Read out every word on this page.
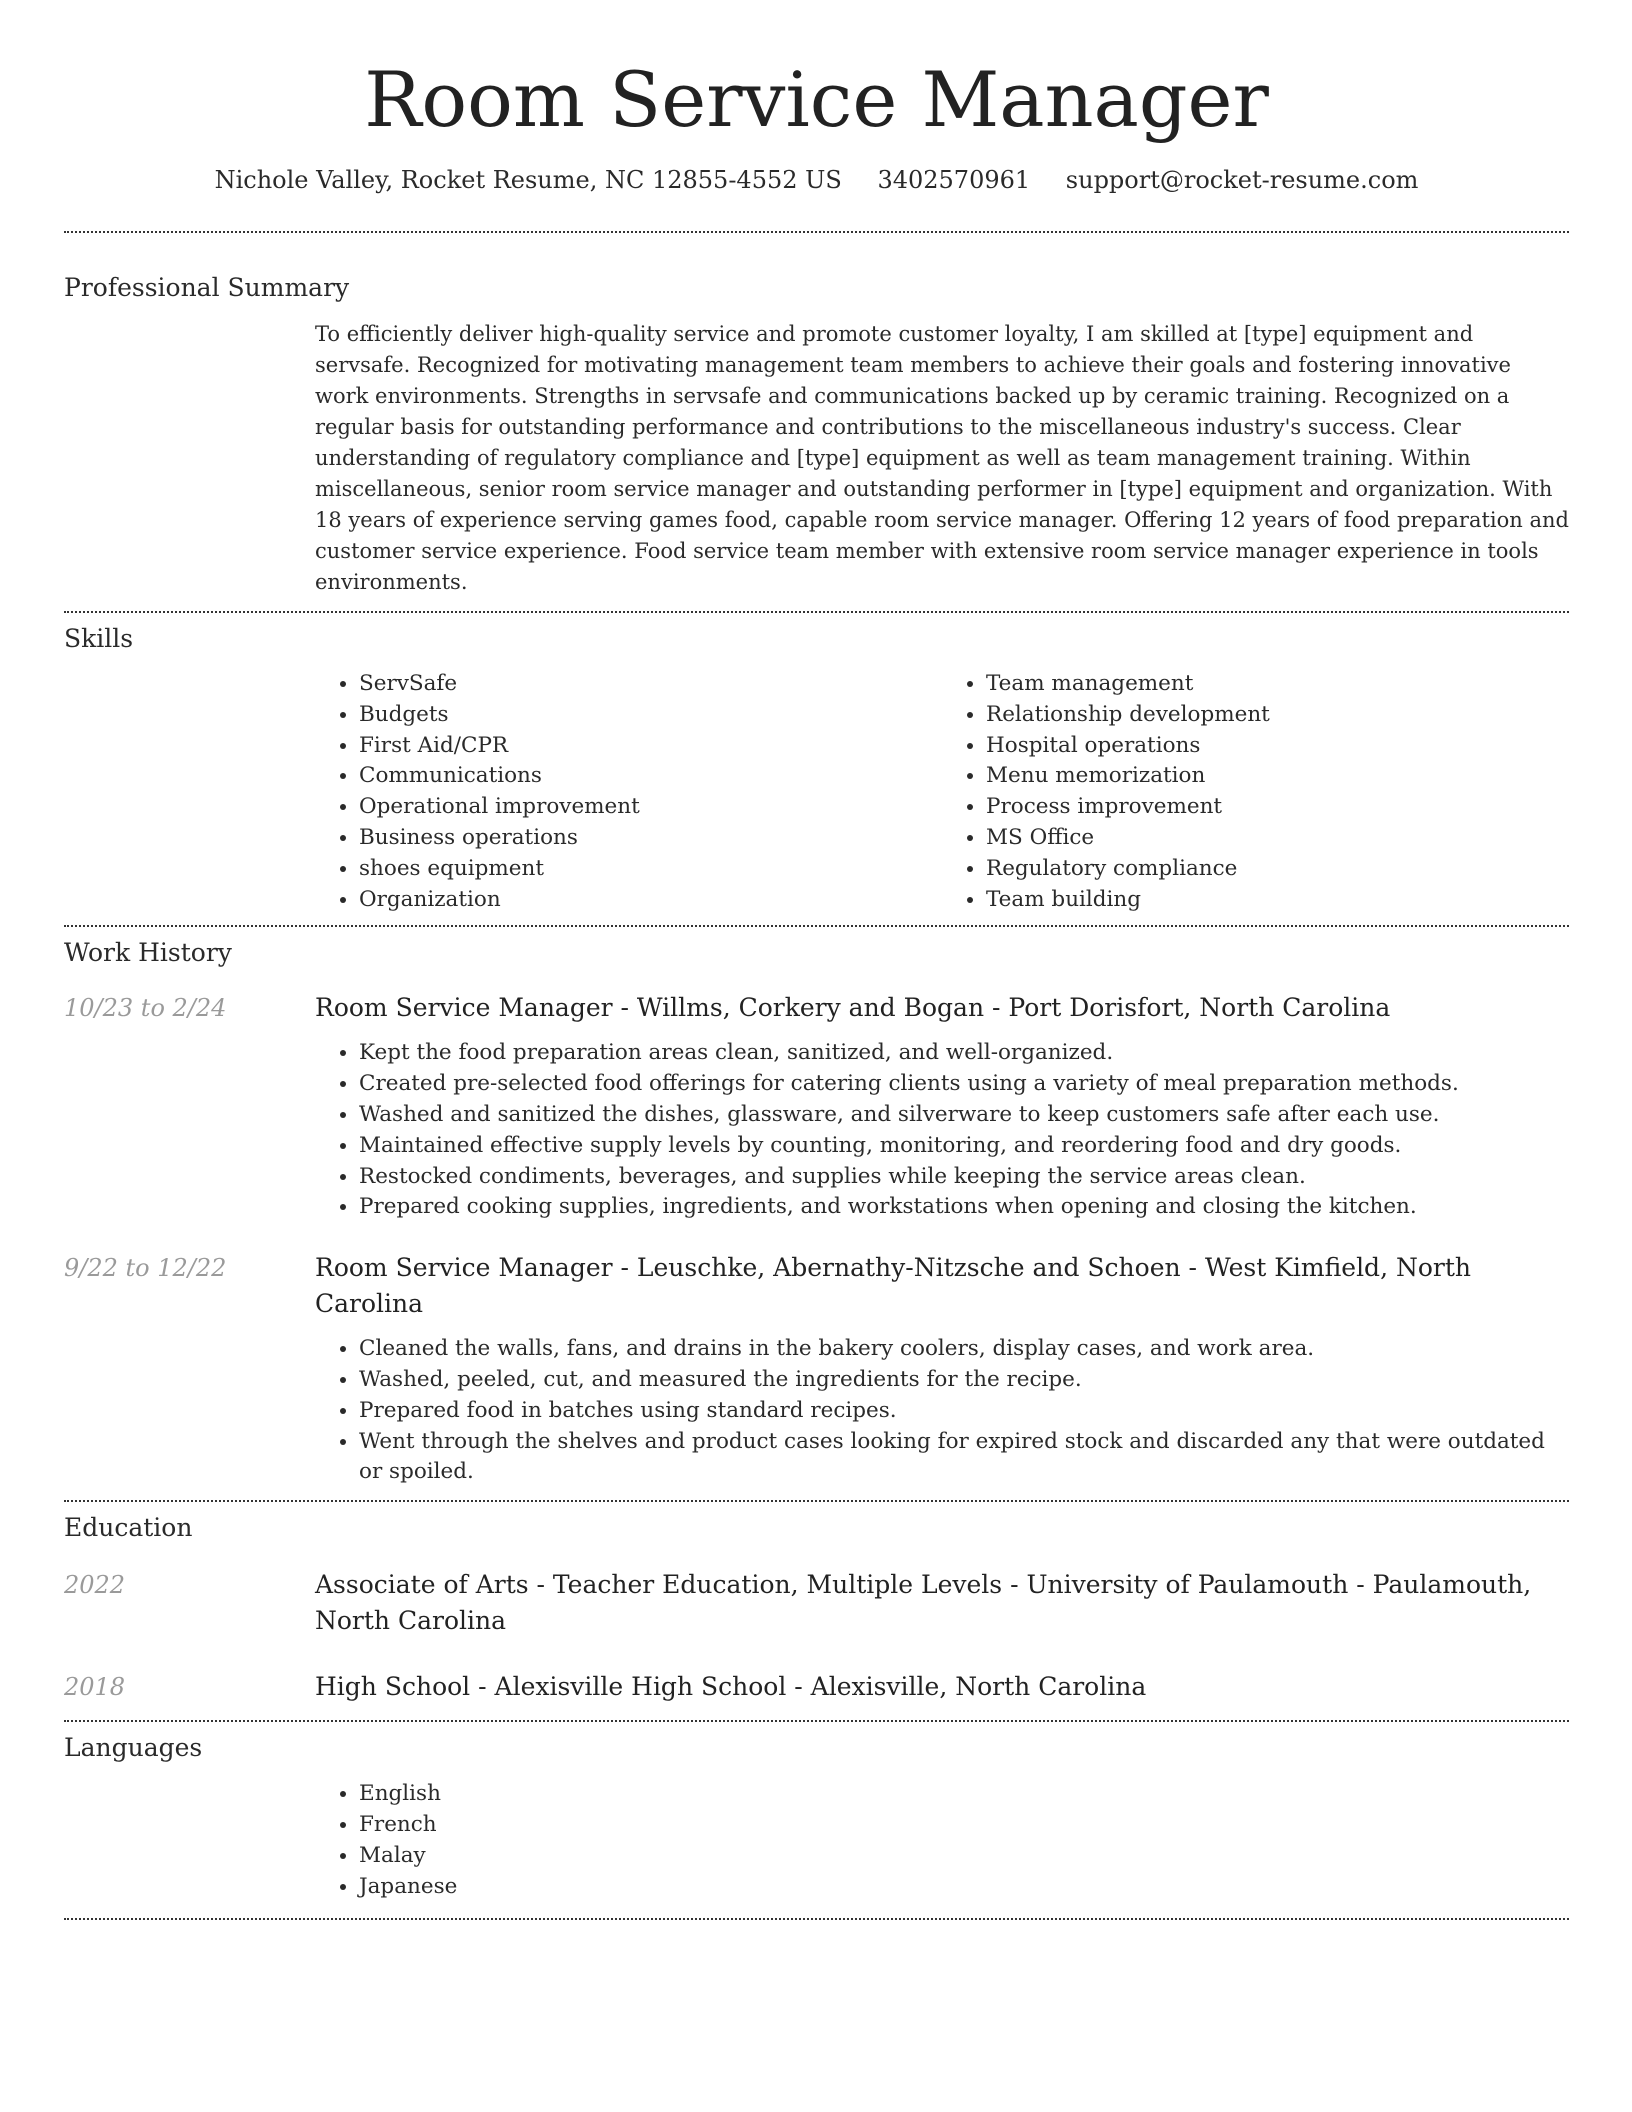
Room Service Manager
Nichole Valley, Rocket Resume, NC 12855-4552 US 3402570961 support@rocket-resume.com
Professional Summary

To efficiently deliver high-quality service and promote customer loyalty, I am skilled at [type] equipment and servsafe. Recognized for motivating management team members to achieve their goals and fostering innovative work environments. Strengths in servsafe and communications backed up by ceramic training. Recognized on a regular basis for outstanding performance and contributions to the miscellaneous industry's success. Clear understanding of regulatory compliance and [type] equipment as well as team management training. Within miscellaneous, senior room service manager and outstanding performer in [type] equipment and organization. With 18 years of experience serving games food, capable room service manager. Offering 12 years of food preparation and customer service experience. Food service team member with extensive room service manager experience in tools environments.

Skills
• ServSafe
• Budgets
• First Aid/CPR
• Communications
• Operational improvement
• Business operations
• shoes equipment
• Organization
• Team management
• Relationship development
• Hospital operations
• Menu memorization
• Process improvement
• MS Office
• Regulatory compliance
• Team building
Work History
10/23 to 2/24	Room Service Manager - Willms, Corkery and Bogan - Port Dorisfort, North Carolina
• Kept the food preparation areas clean, sanitized, and well-organized.
• Created pre-selected food offerings for catering clients using a variety of meal preparation methods.
• Washed and sanitized the dishes, glassware, and silverware to keep customers safe after each use.
• Maintained effective supply levels by counting, monitoring, and reordering food and dry goods.
• Restocked condiments, beverages, and supplies while keeping the service areas clean.
• Prepared cooking supplies, ingredients, and workstations when opening and closing the kitchen.
9/22 to 12/22	Room Service Manager - Leuschke, Abernathy-Nitzsche and Schoen - West Kimfield, North Carolina
• Cleaned the walls, fans, and drains in the bakery coolers, display cases, and work area.
• Washed, peeled, cut, and measured the ingredients for the recipe.
• Prepared food in batches using standard recipes.
• Went through the shelves and product cases looking for expired stock and discarded any that were outdated or spoiled.
Education
2022	Associate of Arts - Teacher Education, Multiple Levels - University of Paulamouth - Paulamouth, North Carolina
2018	High School - Alexisville High School - Alexisville, North Carolina
Languages
• English
• French
• Malay
• Japanese
